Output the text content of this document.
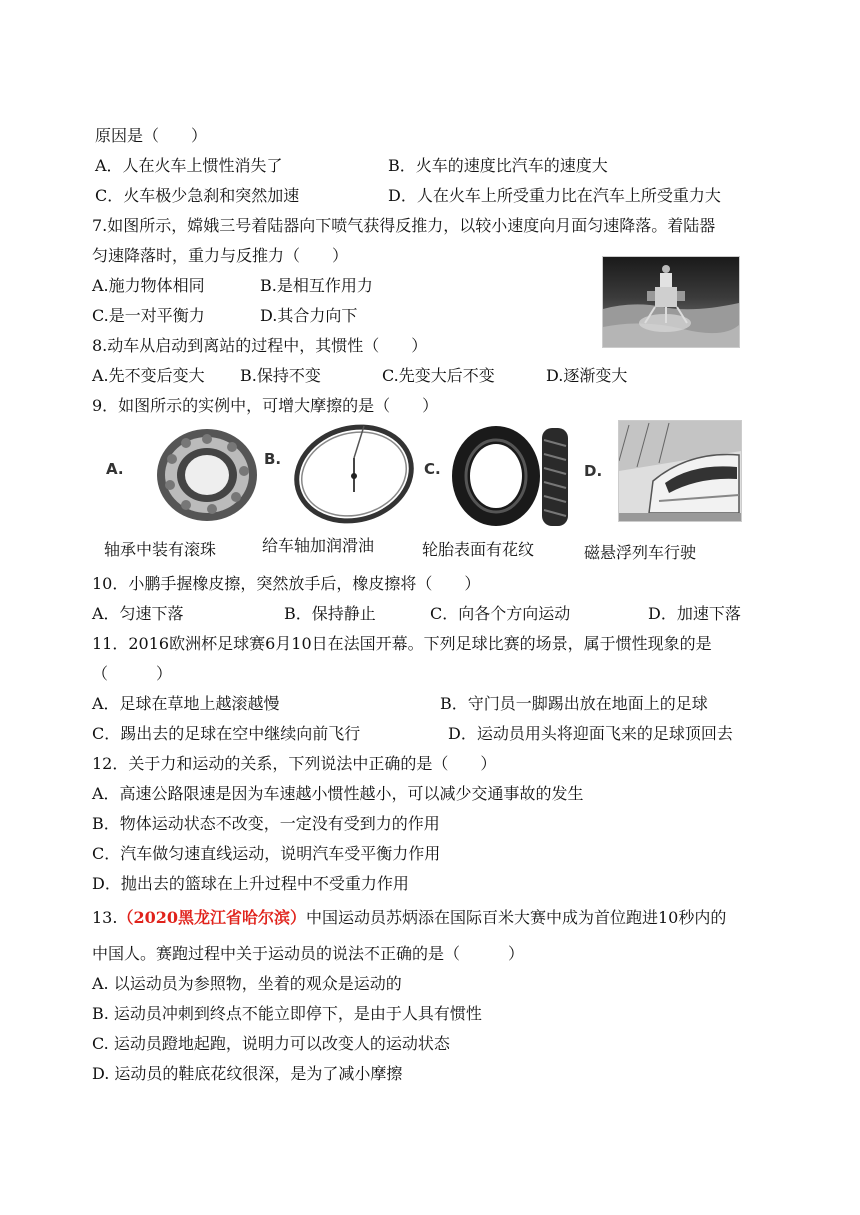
原因是（　　）
A．人在火车上惯性消失了	B．火车的速度比汽车的速度大
C．火车极少急刹和突然加速	D．人在火车上所受重力比在汽车上所受重力大
7.如图所示，嫦娥三号着陆器向下喷气获得反推力，以较小速度向月面匀速降落。着陆器
匀速降落时，重力与反推力（　　）
A.施力物体相同	B.是相互作用力
C.是一对平衡力	D.其合力向下
8.动车从启动到离站的过程中，其惯性（　　）
A.先不变后变大 B.保持不变	C.先变大后不变	D.逐渐变大
9．如图所示的实例中，可增大摩擦的是（　　）
A.
轴承中装有滚珠
B.
给车轴加润滑油
C.
轮胎表面有花纹
D.
磁悬浮列车行驶
10．小鹏手握橡皮擦，突然放手后，橡皮擦将（　　）
A．匀速下落	B．保持静止	C．向各个方向运动	D．加速下落
11．2016欧洲杯足球赛6月10日在法国开幕。下列足球比赛的场景，属于惯性现象的是
（　　　）
A．足球在草地上越滚越慢	B．守门员一脚踢出放在地面上的足球
C．踢出去的足球在空中继续向前飞行	D．运动员用头将迎面飞来的足球顶回去
12．关于力和运动的关系，下列说法中正确的是（　　）
A．高速公路限速是因为车速越小惯性越小，可以减少交通事故的发生
B．物体运动状态不改变，一定没有受到力的作用
C．汽车做匀速直线运动，说明汽车受平衡力作用
D．抛出去的篮球在上升过程中不受重力作用
13.（2020黑龙江省哈尔滨）中国运动员苏炳添在国际百米大赛中成为首位跑进10秒内的
中国人。赛跑过程中关于运动员的说法不正确的是（　　　）
A. 以运动员为参照物，坐着的观众是运动的
B. 运动员冲刺到终点不能立即停下，是由于人具有惯性
C. 运动员蹬地起跑，说明力可以改变人的运动状态
D. 运动员的鞋底花纹很深，是为了减小摩擦
